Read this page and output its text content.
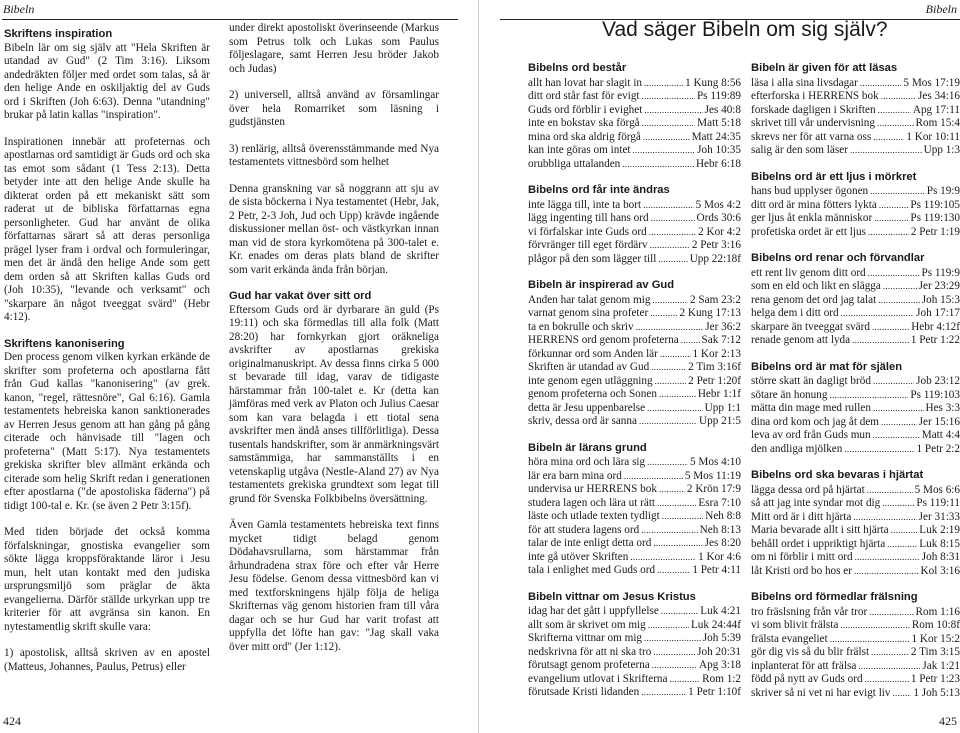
Bibeln
Skriftens inspiration

Bibeln lär om sig själv att "Hela Skriften är utandad av Gud" (2 Tim 3:16). Liksom andedräkten följer med ordet som talas, så är den helige Ande en oskiljaktig del av Guds ord i Skriften (Joh 6:63). Denna "utandning" brukar på latin kallas "inspiration".

Inspirationen innebär att profeternas och apostlarnas ord samtidigt är Guds ord och ska tas emot som sådant (1 Tess 2:13). Detta betyder inte att den helige Ande skulle ha dikterat orden på ett mekaniskt sätt som raderat ut de bibliska författarnas egna personligheter. Gud har använt de olika författarnas särart så att deras personliga prägel lyser fram i ordval och formuleringar, men det är ändå den helige Ande som gett dem orden så att Skriften kallas Guds ord (Joh 10:35), "levande och verksamt" och "skarpare än något tveeggat svärd" (Hebr 4:12).

Skriftens kanonisering

Den process genom vilken kyrkan erkände de skrifter som profeterna och apostlarna fått från Gud kallas "kanonisering" (av grek. kanon, "regel, rättesnöre", Gal 6:16). Gamla testamentets hebreiska kanon sanktionerades av Herren Jesus genom att han gång på gång citerade och hänvisade till "lagen och profeterna" (Matt 5:17). Nya testamentets grekiska skrifter blev allmänt erkända och citerade som helig Skrift redan i generationen efter apostlarna ("de apostoliska fäderna") på tidigt 100-tal e. Kr. (se även 2 Petr 3:15f).

Med tiden började det också komma förfalskningar, gnostiska evangelier som sökte lägga kroppsföraktande läror i Jesu mun, helt utan kontakt med den judiska ursprungsmiljö som präglar de äkta evangelierna. Därför ställde urkyrkan upp tre kriterier för att avgränsa sin kanon. En nytestamentlig skrift skulle vara:

1) apostolisk, alltså skriven av en apostel (Matteus, Johannes, Paulus, Petrus) eller

under direkt apostoliskt överinseende (Markus som Petrus tolk och Lukas som Paulus följeslagare, samt Herren Jesu bröder Jakob och Judas)

2) universell, alltså använd av församlingar över hela Romarriket som läsning i gudstjänsten

3) renlärig, alltså överensstämmande med Nya testamentets vittnesbörd som helhet

Denna granskning var så noggrann att sju av de sista böckerna i Nya testamentet (Hebr, Jak, 2 Petr, 2-3 Joh, Jud och Upp) krävde ingående diskussioner mellan öst- och västkyrkan innan man vid de stora kyrkomötena på 300-talet e. Kr. enades om deras plats bland de skrifter som varit erkända ända från början.

Gud har vakat över sitt ord

Eftersom Guds ord är dyrbarare än guld (Ps 19:11) och ska förmedlas till alla folk (Matt 28:20) har fornkyrkan gjort oräkneliga avskrifter av apostlarnas grekiska originalmanuskript. Av dessa finns cirka 5 000 st bevarade till idag, varav de tidigaste härstammar från 100-talet e. Kr (detta kan jämföras med verk av Platon och Julius Caesar som kan vara belagda i ett tiotal sena avskrifter men ändå anses tillförlitliga). Dessa tusentals handskrifter, som är anmärkningsvärt samstämmiga, har sammanställts i en vetenskaplig utgåva (Nestle-Aland 27) av Nya testamentets grekiska grundtext som legat till grund för Svenska Folkbibelns översättning.

Även Gamla testamentets hebreiska text finns mycket tidigt belagd genom Dödahavsrullarna, som härstammar från århundradena strax före och efter vår Herre Jesu födelse. Genom dessa vittnesbörd kan vi med textforskningens hjälp följa de heliga Skrifternas väg genom historien fram till våra dagar och se hur Gud har varit trofast att uppfylla det löfte han gav: "Jag skall vaka över mitt ord" (Jer 1:12).

424
Bibeln
Vad säger Bibeln om sig själv?
Bibelns ord består
allt han lovat har slagit in . . .	1 Kung 8:56
ditt ord står fast för evigt . . .	Ps 119:89
Guds ord förblir i evighet . . .	Jes 40:8
inte en bokstav ska förgå . . .	Matt 5:18
mina ord ska aldrig förgå . . .	Matt 24:35
kan inte göras om intet . . .	Joh 10:35
orubbliga uttalanden . . .	Hebr 6:18
Bibelns ord får inte ändras
inte lägga till, inte ta bort . . .	5 Mos 4:2
lägg ingenting till hans ord . . .	Ords 30:6
vi förfalskar inte Guds ord . . .	2 Kor 4:2
förvränger till eget fördärv . . .	2 Petr 3:16
plågor på den som lägger till . . .	Upp 22:18f
Bibeln är inspirerad av Gud
Anden har talat genom mig . . .	2 Sam 23:2
varnat genom sina profeter . . .	2 Kung 17:13
ta en bokrulle och skriv . . .	Jer 36:2
HERRENS ord genom profeterna . . . Sak 7:12
förkunnar ord som Anden lär . . .	1 Kor 2:13
Skriften är utandad av Gud . . .	2 Tim 3:16f
inte genom egen utläggning . . .	2 Petr 1:20f
genom profeterna och Sonen . . .	Hebr 1:1f
detta är Jesu uppenbarelse . . .	Upp 1:1
skriv, dessa ord är sanna . . .	Upp 21:5
Bibeln är lärans grund
höra mina ord och lära sig . . .	5 Mos 4:10
lär era barn mina ord . . .	5 Mos 11:19
undervisa ur HERRENS bok . . .	2 Krön 17:9
studera lagen och lära ut rätt . . .	Esra 7:10
läste och utlade texten tydligt . . .	Neh 8:8
för att studera lagens ord . . .	Neh 8:13
talar de inte enligt detta ord . . .	Jes 8:20
inte gå utöver Skriften . . .	1 Kor 4:6
tala i enlighet med Guds ord . . .	1 Petr 4:11
Bibeln vittnar om Jesus Kristus
idag har det gått i uppfyllelse . . .	Luk 4:21
allt som är skrivet om mig . . .	Luk 24:44f
Skrifterna vittnar om mig . . .	Joh 5:39
nedskrivna för att ni ska tro . . .	Joh 20:31
förutsagt genom profeterna . . .	Apg 3:18
evangelium utlovat i Skrifterna . . .	Rom 1:2
förutsade Kristi lidanden . . .	1 Petr 1:10f
Bibeln är given för att läsas
läsa i alla sina livsdagar . . .	5 Mos 17:19
efterforska i HERRENS bok . . .	Jes 34:16
forskade dagligen i Skriften . . .	Apg 17:11
skrivet till vår undervisning . . .	Rom 15:4
skrevs ner för att varna oss . . .	1 Kor 10:11
salig är den som läser . . .	Upp 1:3
Bibelns ord är ett ljus i mörkret
hans bud upplyser ögonen . . .	Ps 19:9
ditt ord är mina fötters lykta . . .	Ps 119:105
ger ljus åt enkla människor . . .	Ps 119:130
profetiska ordet är ett ljus . . .	2 Petr 1:19
Bibelns ord renar och förvandlar
ett rent liv genom ditt ord . . .	Ps 119:9
som en eld och likt en slägga . . .	Jer 23:29
rena genom det ord jag talat . . .	Joh 15:3
helga dem i ditt ord . . .	Joh 17:17
skarpare än tveeggat svärd . . .	Hebr 4:12f
renade genom att lyda . . .	1 Petr 1:22
Bibelns ord är mat för själen
större skatt än dagligt bröd . . .	Job 23:12
sötare än honung . . .	Ps 119:103
mätta din mage med rullen . . .	Hes 3:3
dina ord kom och jag åt dem . . .	Jer 15:16
leva av ord från Guds mun . . .	Matt 4:4
den andliga mjölken . . .	1 Petr 2:2
Bibelns ord ska bevaras i hjärtat
lägga dessa ord på hjärtat . . .	5 Mos 6:6
så att jag inte syndar mot dig . . .	Ps 119:11
Mitt ord är i ditt hjärta . . .	Jer 31:33
Maria bevarade allt i sitt hjärta . . .	Luk 2:19
behåll ordet i uppriktigt hjärta . . .	Luk 8:15
om ni förblir i mitt ord . . .	Joh 8:31
låt Kristi ord bo hos er . . .	Kol 3:16
Bibelns ord förmedlar frälsning
tro fräslsning från vår tror . . .	Rom 1:16
vi som blivit frälsta . . .	Rom 10:8f
frälsta evangeliet . . .	1 Kor 15:2
gör dig vis så du blir frälst . . .	2 Tim 3:15
inplanterat för att frälsa . . .	Jak 1:21
född på nytt av Guds ord . . .	1 Petr 1:23
skriver så ni vet ni har evigt liv . . . 1 Joh 5:13
425
